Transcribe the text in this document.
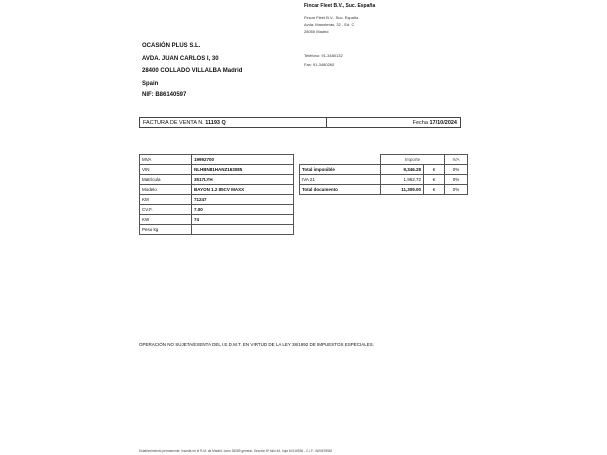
Fincar Fleet B.V., Suc. España
Fincar Fleet B.V., Suc. España
Avda. Manoteras, 32 - Ed. C
28050 Madrid
Teléfono: 91-3480132
Fax: 91-3480260
OCASIÓN PLUS S.L.
AVDA. JUAN CARLOS I, 30
28400 COLLADO VILLALBA Madrid
Spain
NIF: B86140597
FACTURA DE VENTA N. 11193 Q	Fecha 17/10/2024
MVA	19992700
VIN	NLHBN81HANZ163085
Matrícula	3517LYH
Modelo	BAYON 1.2 85CV MAXX
KM	71247
CV.F.	7.00
KW	74
Peso kg	
	Importe		IVA
Total imponible	9,346.28	€	0%
IVA 21	1,962.72	€	0%
Total documento	11,309.00	€	0%
OPERACIÓN NO SUJETA/EXENTA DEL I.E.D.M.T. EN VIRTUD DE LA LEY 38/1992 DE IMPUESTOS ESPECIALES.
Establecimiento permanente: Inscrita en el R.M. de Madrid, tomo 28089 general, Sección 8ª folio 64, hoja M-516536 - C.I.F.: W0067898J
